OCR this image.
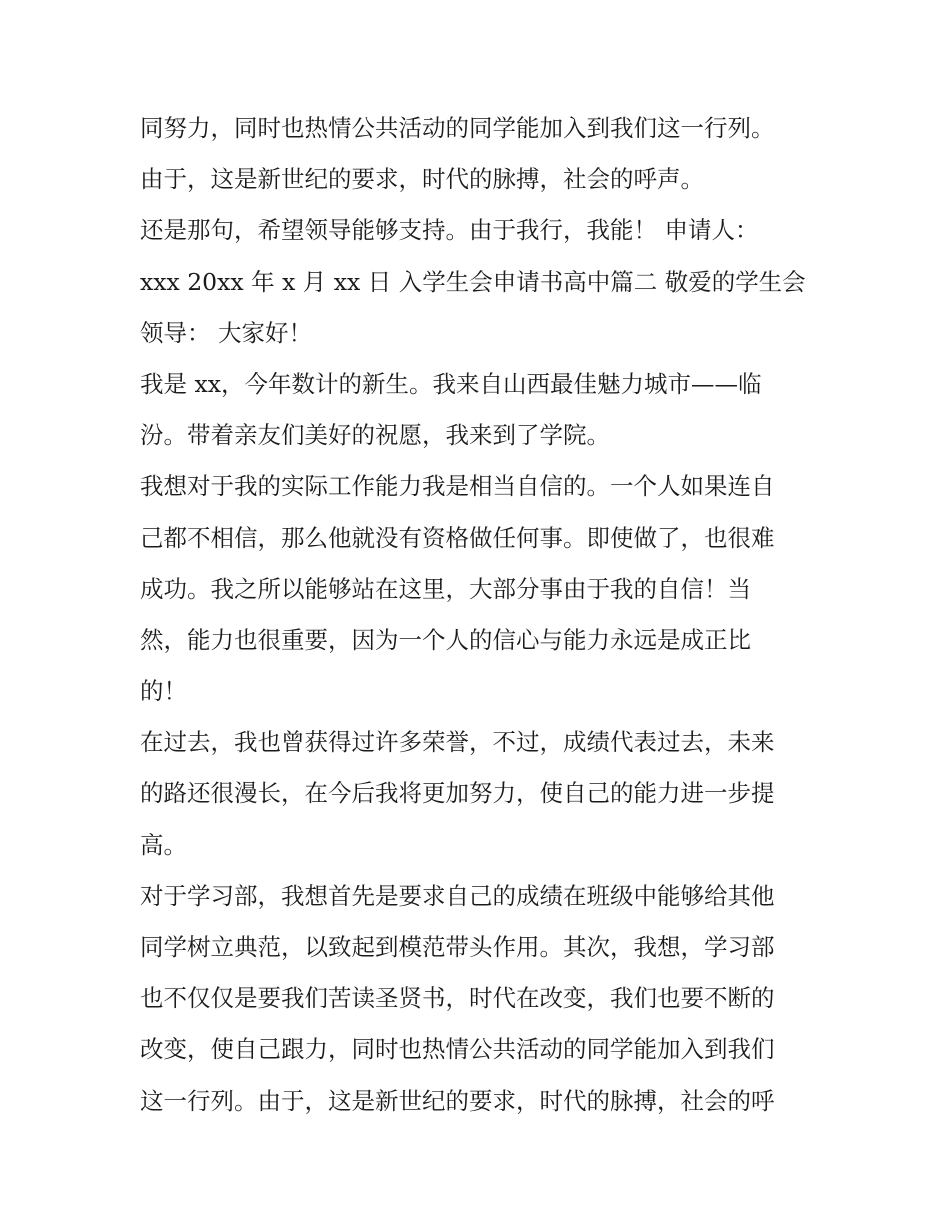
同努力，同时也热情公共活动的同学能加入到我们这一行列。
由于，这是新世纪的要求，时代的脉搏，社会的呼声。
还是那句，希望领导能够支持。由于我行，我能！ 申请人：
xxx 20xx 年 x 月 xx 日 入学生会申请书高中篇二 敬爱的学生会
领导： 大家好！
我是 xx，今年数计的新生。我来自山西最佳魅力城市——临
汾。带着亲友们美好的祝愿，我来到了学院。
我想对于我的实际工作能力我是相当自信的。一个人如果连自
己都不相信，那么他就没有资格做任何事。即使做了，也很难
成功。我之所以能够站在这里，大部分事由于我的自信！当
然，能力也很重要，因为一个人的信心与能力永远是成正比
的！
在过去，我也曾获得过许多荣誉，不过，成绩代表过去，未来
的路还很漫长，在今后我将更加努力，使自己的能力进一步提
高。
对于学习部，我想首先是要求自己的成绩在班级中能够给其他
同学树立典范，以致起到模范带头作用。其次，我想，学习部
也不仅仅是要我们苦读圣贤书，时代在改变，我们也要不断的
改变，使自己跟力，同时也热情公共活动的同学能加入到我们
这一行列。由于，这是新世纪的要求，时代的脉搏，社会的呼
